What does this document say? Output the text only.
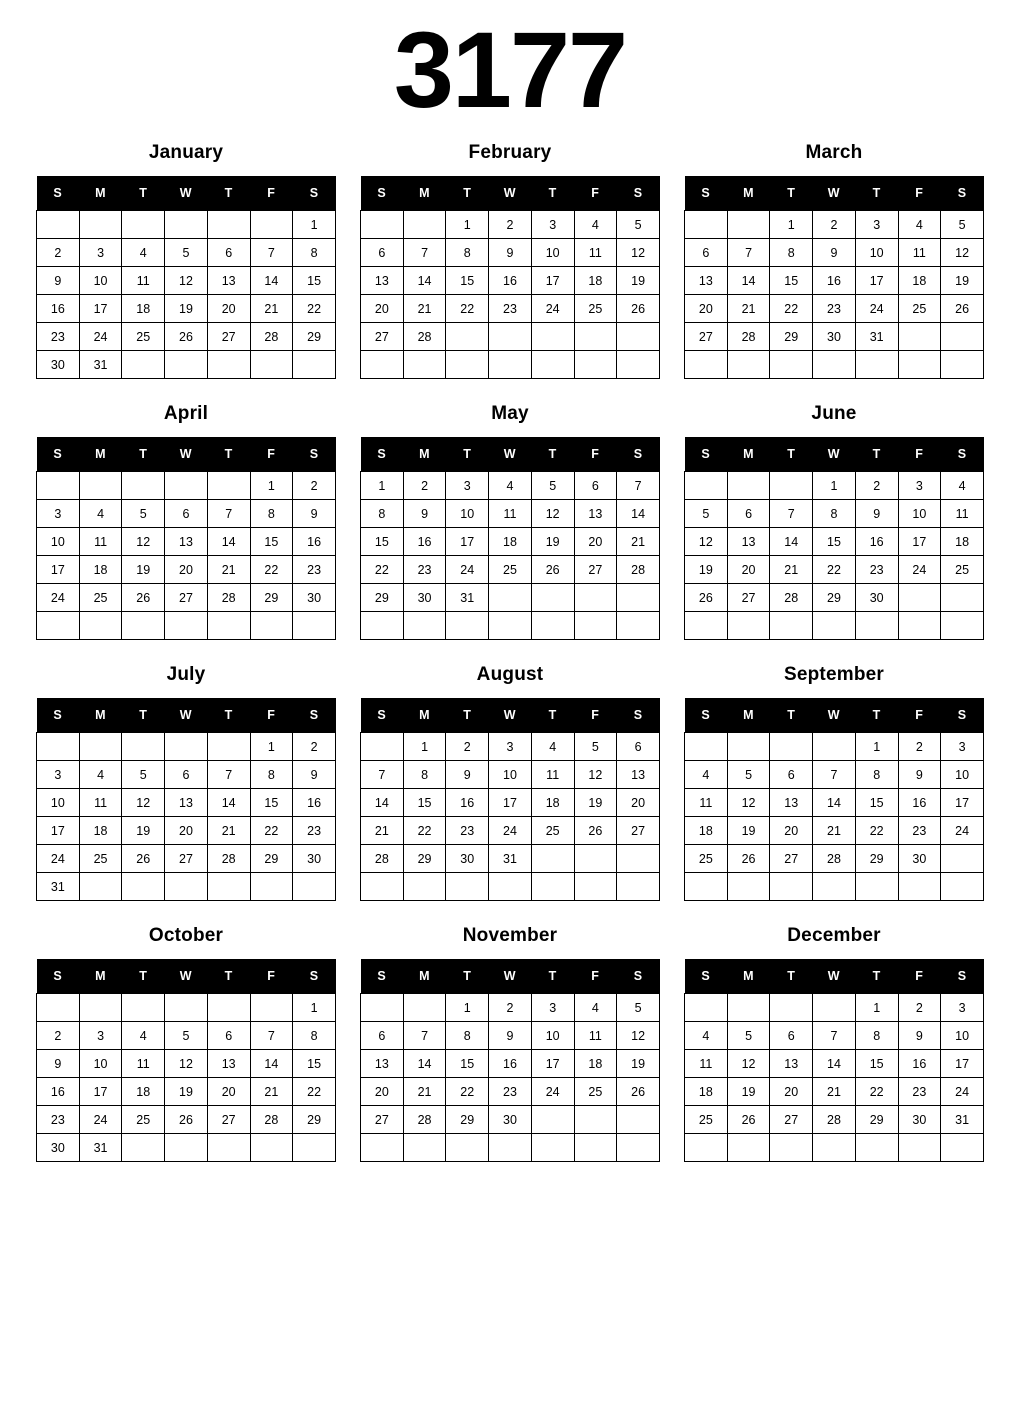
3177
January
S	M	T	W	T	F	S
						1
2	3	4	5	6	7	8
9	10	11	12	13	14	15
16	17	18	19	20	21	22
23	24	25	26	27	28	29
30	31					
February
S	M	T	W	T	F	S
		1	2	3	4	5
6	7	8	9	10	11	12
13	14	15	16	17	18	19
20	21	22	23	24	25	26
27	28					

March
S	M	T	W	T	F	S
		1	2	3	4	5
6	7	8	9	10	11	12
13	14	15	16	17	18	19
20	21	22	23	24	25	26
27	28	29	30	31		

April
S	M	T	W	T	F	S
					1	2
3	4	5	6	7	8	9
10	11	12	13	14	15	16
17	18	19	20	21	22	23
24	25	26	27	28	29	30

May
S	M	T	W	T	F	S
1	2	3	4	5	6	7
8	9	10	11	12	13	14
15	16	17	18	19	20	21
22	23	24	25	26	27	28
29	30	31				

June
S	M	T	W	T	F	S
			1	2	3	4
5	6	7	8	9	10	11
12	13	14	15	16	17	18
19	20	21	22	23	24	25
26	27	28	29	30		

July
S	M	T	W	T	F	S
					1	2
3	4	5	6	7	8	9
10	11	12	13	14	15	16
17	18	19	20	21	22	23
24	25	26	27	28	29	30
31						
August
S	M	T	W	T	F	S
	1	2	3	4	5	6
7	8	9	10	11	12	13
14	15	16	17	18	19	20
21	22	23	24	25	26	27
28	29	30	31			

September
S	M	T	W	T	F	S
				1	2	3
4	5	6	7	8	9	10
11	12	13	14	15	16	17
18	19	20	21	22	23	24
25	26	27	28	29	30	

October
S	M	T	W	T	F	S
						1
2	3	4	5	6	7	8
9	10	11	12	13	14	15
16	17	18	19	20	21	22
23	24	25	26	27	28	29
30	31					
November
S	M	T	W	T	F	S
		1	2	3	4	5
6	7	8	9	10	11	12
13	14	15	16	17	18	19
20	21	22	23	24	25	26
27	28	29	30			

December
S	M	T	W	T	F	S
				1	2	3
4	5	6	7	8	9	10
11	12	13	14	15	16	17
18	19	20	21	22	23	24
25	26	27	28	29	30	31
